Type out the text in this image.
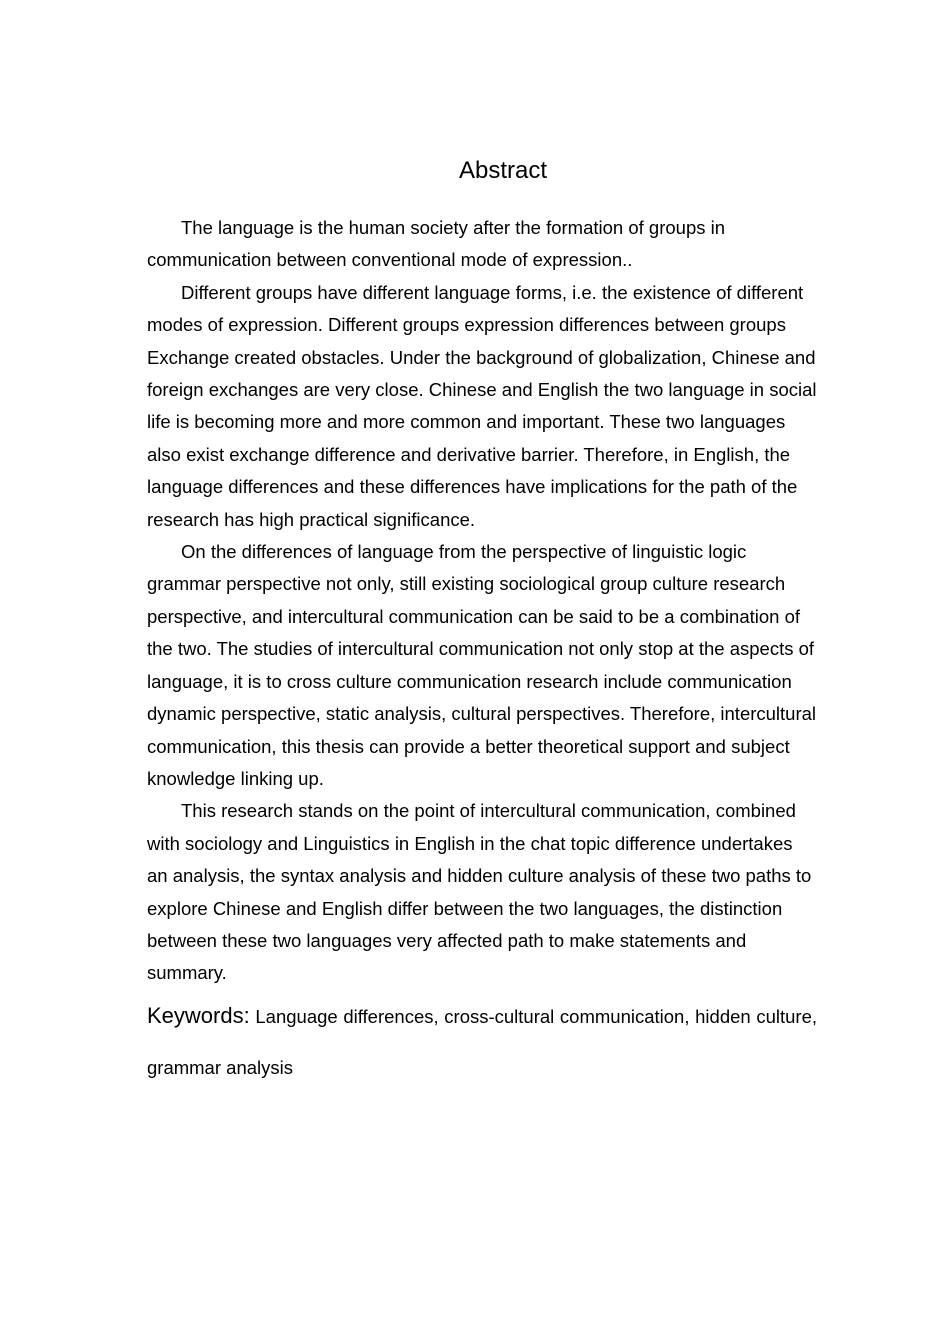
Abstract

The language is the human society after the formation of groups in communication between conventional mode of expression..

Different groups have different language forms, i.e. the existence of different modes of expression. Different groups expression differences between groups Exchange created obstacles. Under the background of globalization, Chinese and foreign exchanges are very close. Chinese and English the two language in social life is becoming more and more common and important. These two languages also exist exchange difference and derivative barrier. Therefore, in English, the language differences and these differences have implications for the path of the research has high practical significance.

On the differences of language from the perspective of linguistic logic grammar perspective not only, still existing sociological group culture research perspective, and intercultural communication can be said to be a combination of the two. The studies of intercultural communication not only stop at the aspects of language, it is to cross culture communication research include communication dynamic perspective, static analysis, cultural perspectives. Therefore, intercultural communication, this thesis can provide a better theoretical support and subject knowledge linking up.

This research stands on the point of intercultural communication, combined with sociology and Linguistics in English in the chat topic difference undertakes an analysis, the syntax analysis and hidden culture analysis of these two paths to explore Chinese and English differ between the two languages, the distinction between these two languages very affected path to make statements and summary.

Keywords: Language differences, cross-cultural communication, hidden culture, grammar analysis
